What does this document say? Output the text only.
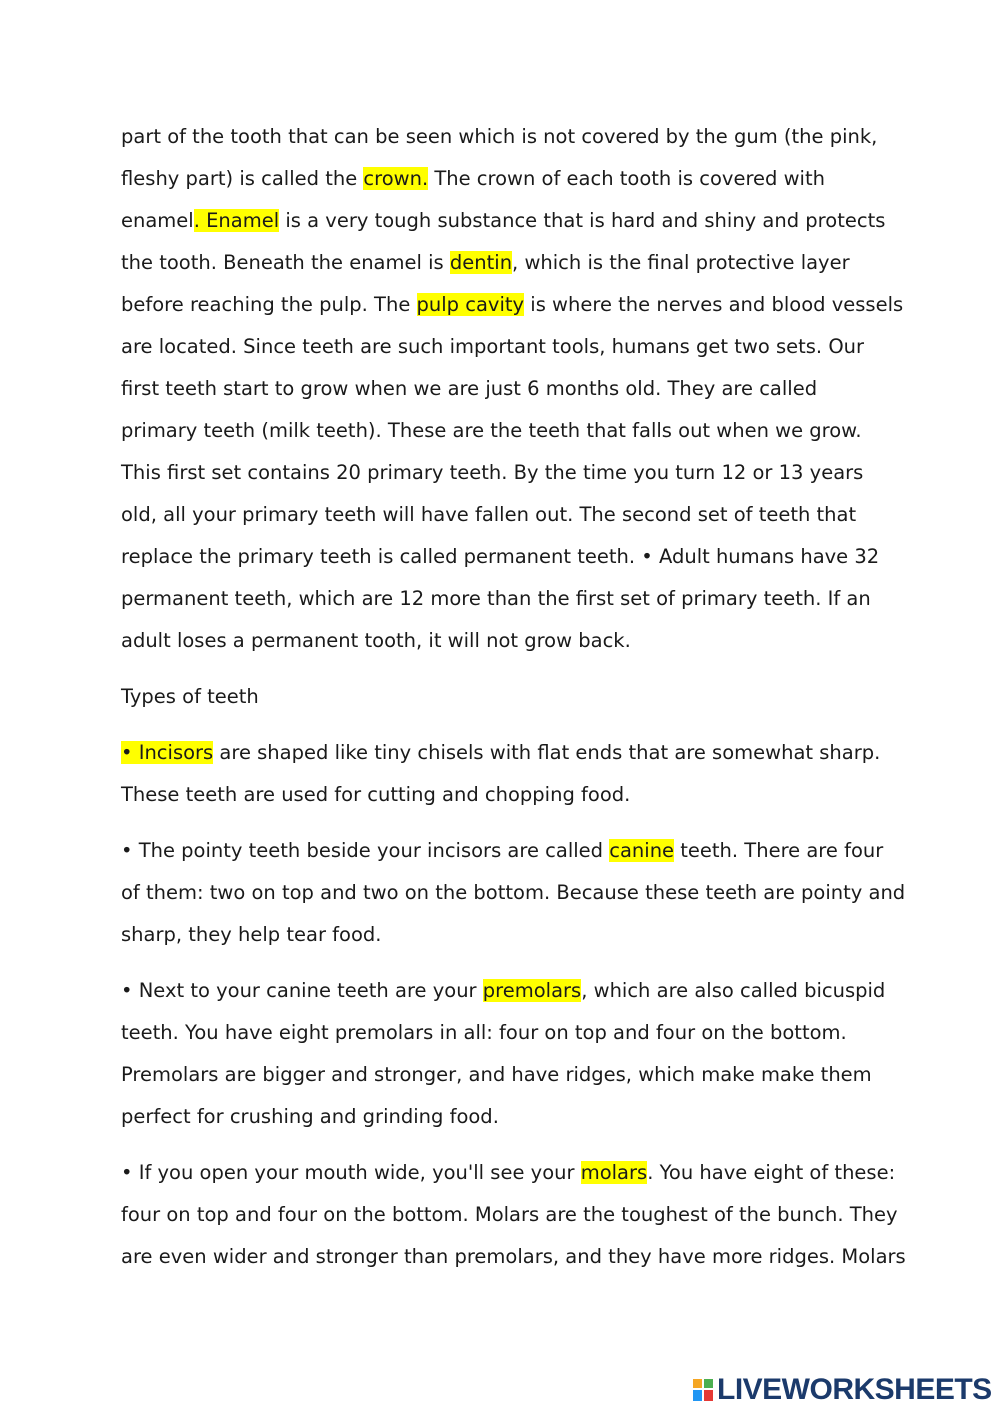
part of the tooth that can be seen which is not covered by the gum (the pink,
fleshy part) is called the crown. The crown of each tooth is covered with
enamel. Enamel is a very tough substance that is hard and shiny and protects
the tooth. Beneath the enamel is dentin, which is the final protective layer
before reaching the pulp. The pulp cavity is where the nerves and blood vessels
are located. Since teeth are such important tools, humans get two sets. Our
first teeth start to grow when we are just 6 months old. They are called
primary teeth (milk teeth). These are the teeth that falls out when we grow.
This first set contains 20 primary teeth. By the time you turn 12 or 13 years
old, all your primary teeth will have fallen out. The second set of teeth that
replace the primary teeth is called permanent teeth. • Adult humans have 32
permanent teeth, which are 12 more than the first set of primary teeth. If an
adult loses a permanent tooth, it will not grow back.
Types of teeth
• Incisors are shaped like tiny chisels with flat ends that are somewhat sharp.
These teeth are used for cutting and chopping food.
• The pointy teeth beside your incisors are called canine teeth. There are four
of them: two on top and two on the bottom. Because these teeth are pointy and
sharp, they help tear food.
• Next to your canine teeth are your premolars, which are also called bicuspid
teeth. You have eight premolars in all: four on top and four on the bottom.
Premolars are bigger and stronger, and have ridges, which make make them
perfect for crushing and grinding food.
• If you open your mouth wide, you'll see your molars. You have eight of these:
four on top and four on the bottom. Molars are the toughest of the bunch. They
are even wider and stronger than premolars, and they have more ridges. Molars
LIVEWORKSHEETS
